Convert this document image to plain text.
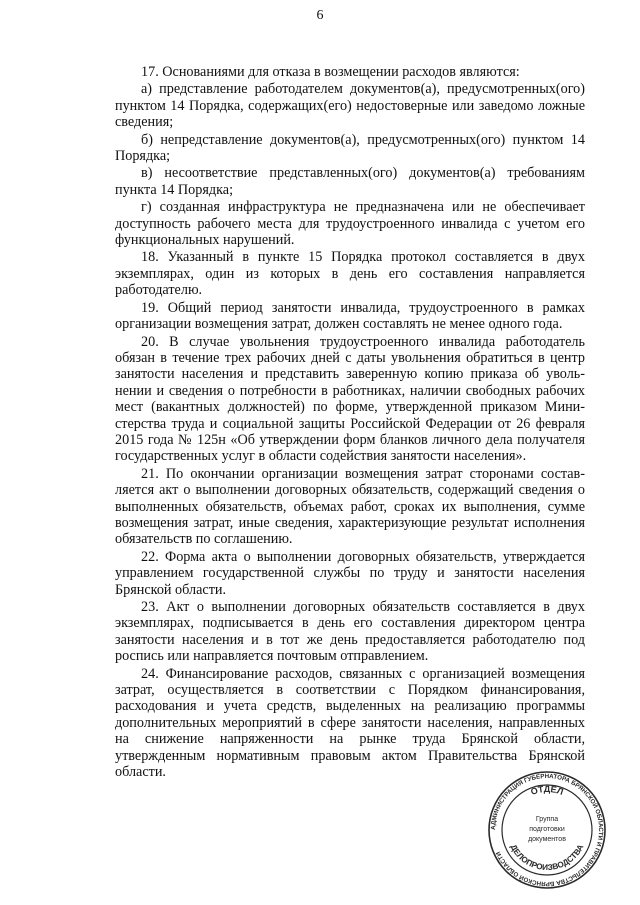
6

17. Основаниями для отказа в возмещении расходов являются:

а) представление работодателем документов(а), предусмотренных(ого) пунктом 14 Порядка, содержащих(его) недостоверные или заведомо ложные сведения;

б) непредставление документов(а), предусмотренных(ого) пунктом 14 Порядка;

в) несоответствие представленных(ого) документов(а) требованиям пункта 14 Порядка;

г) созданная инфраструктура не предназначена или не обеспечивает доступность рабочего места для трудоустроенного инвалида с учетом его функциональных нарушений.

18. Указанный в пункте 15 Порядка протокол составляется в двух экземплярах, один из которых в день его составления направляется работодателю.

19. Общий период занятости инвалида, трудоустроенного в рамках организации возмещения затрат, должен составлять не менее одного года.

20. В случае увольнения трудоустроенного инвалида работодатель обязан в течение трех рабочих дней с даты увольнения обратиться в центр занятости населения и представить заверенную копию приказа об увольнении и сведения о потребности в работниках, наличии свободных рабочих мест (вакантных должностей) по форме, утвержденной приказом Министерства труда и социальной защиты Российской Федерации от 26 февраля 2015 года № 125н «Об утверждении форм бланков личного дела получателя государственных услуг в области содействия занятости населения».

21. По окончании организации возмещения затрат сторонами составляется акт о выполнении договорных обязательств, содержащий сведения о выполненных обязательств, объемах работ, сроках их выполнения, сумме возмещения затрат, иные сведения, характеризующие результат исполнения обязательств по соглашению.

22. Форма акта о выполнении договорных обязательств, утверждается управлением государственной службы по труду и занятости населения Брянской области.

23. Акт о выполнении договорных обязательств составляется в двух экземплярах, подписывается в день его составления директором центра занятости населения и в тот же день предоставляется работодателю под роспись или направляется почтовым отправлением.

24. Финансирование расходов, связанных с организацией возмещения затрат, осуществляется в соответствии с Порядком финансирования, расходования и учета средств, выделенных на реализацию программы дополнительных мероприятий в сфере занятости населения, направленных на снижение напряженности на рынке труда Брянской области, утвержденным нормативным правовым актом Правительства Брянской области.

АДМИНИСТРАЦИЯ ГУБЕРНАТОРА БРЯНСКОЙ ОБЛАСТИ И ПРАВИТЕЛЬСТВА БРЯНСКОЙ ОБЛАСТИ
ОТДЕЛ
ДЕЛОПРОИЗВОДСТВА
Группа
подготовки
документов
